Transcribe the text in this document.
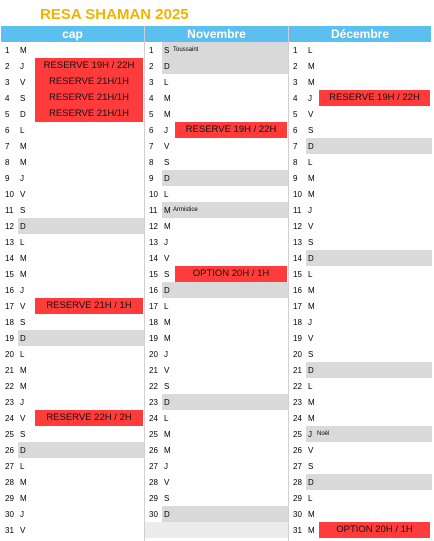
RESA SHAMAN 2025
cap
1	M
2	J	RESERVE 19H / 22H
3	V	RESERVE 21H/1H
4	S	RESERVE 21H/1H
5	D	RESERVE 21H/1H
6	L
7	M
8	M
9	J
10 V
11 S
12 D
13 L
14 M
15 M
16 J
17 V	RESERVE 21H / 1H
18 S
19 D
20 L
21 M
22 M
23 J
24 V	RESERVE 22H / 2H
25 S
26 D
27 L
28 M
29 M
30 J
31 V
Novembre
1	S Toussaint
2	D
3	L
4	M
5	M
6	J	RESERVE 19H / 22H
7	V
8	S
9	D
10 L
11 M Armistice
12 M
13 J
14 V
15 S	OPTION 20H / 1H
16 D
17 L
18 M
19 M
20 J
21 V
22 S
23 D
24 L
25 M
26 M
27 J
28 V
29 S
30 D
Décembre
1	L
2	M
3	M
4	J	RESERVE 19H / 22H
5	V
6	S
7	D
8	L
9	M
10 M
11 J
12 V
13 S
14 D
15 L
16 M
17 M
18 J
19 V
20 S
21 D
22 L
23 M
24 M
25 J Noël
26 V
27 S
28 D
29 L
30 M
31 M	OPTION 20H / 1H
